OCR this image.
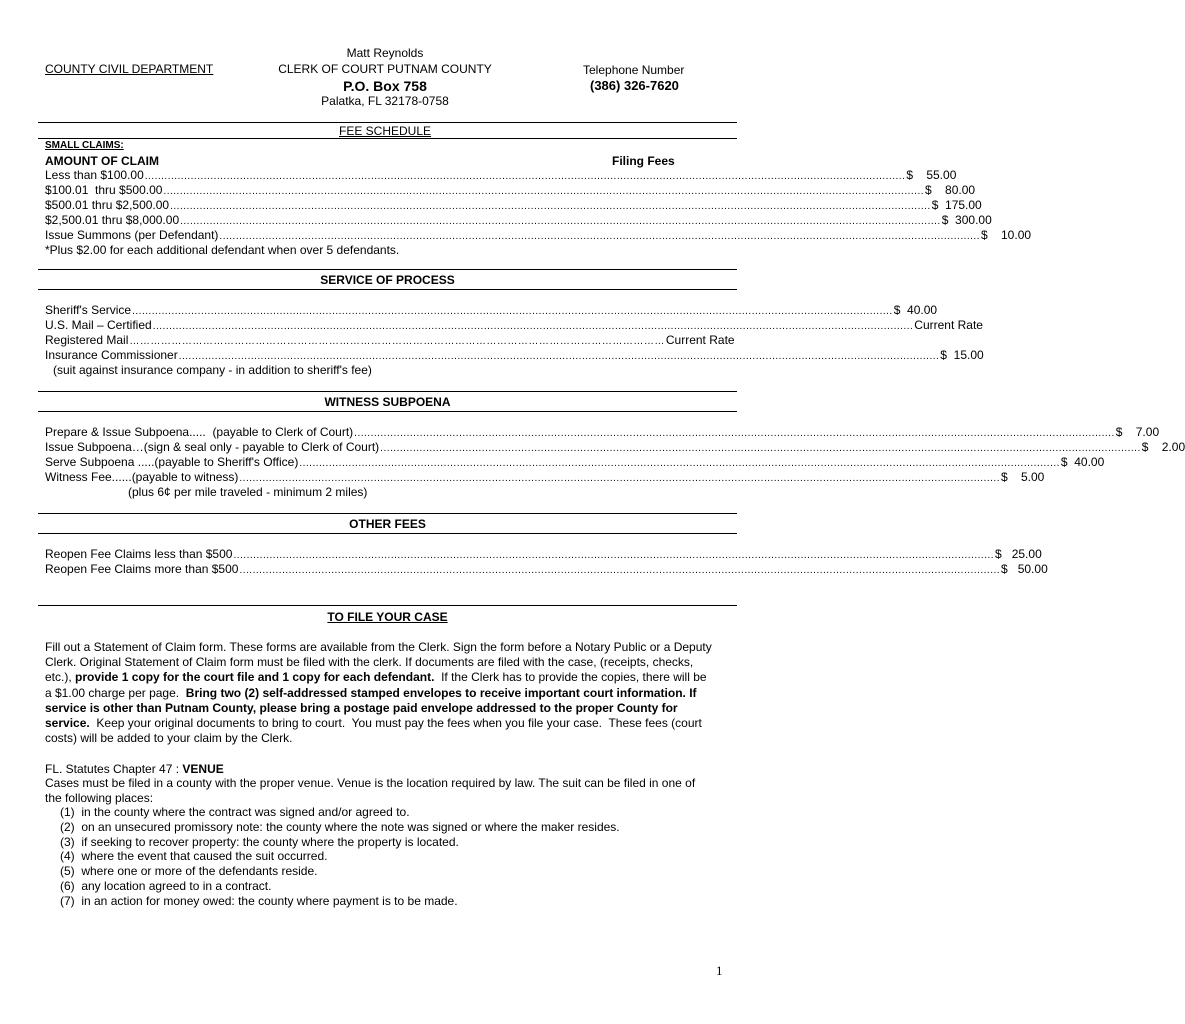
Matt Reynolds
COUNTY CIVIL DEPARTMENT	CLERK OF COURT PUTNAM COUNTY	Telephone Number
P.O. Box 758	(386) 326-7620
Palatka, FL 32178-0758
FEE SCHEDULE
SMALL CLAIMS:
AMOUNT OF CLAIM	Filing Fees
Less than $100.00 ........................................................................................................................................................................................................................................ $    55.00
$100.01  thru $500.00 ........................................................................................................................................................................................................................................ $    80.00
$500.01 thru $2,500.00 ........................................................................................................................................................................................................................................ $  175.00
$2,500.01 thru $8,000.00 ........................................................................................................................................................................................................................................ $  300.00
Issue Summons (per Defendant) ........................................................................................................................................................................................................................................ $    10.00
*Plus $2.00 for each additional defendant when over 5 defendants.
SERVICE OF PROCESS
Sheriff's Service ........................................................................................................................................................................................................................................ $  40.00
U.S. Mail – Certified ........................................................................................................................................................................................................................................ Current Rate
Registered Mail ……………………………………………………………………………………………………………………………………… Current Rate
Insurance Commissioner ........................................................................................................................................................................................................................................ $  15.00
(suit against insurance company - in addition to sheriff's fee)
WITNESS SUBPOENA
Prepare & Issue Subpoena.....  (payable to Clerk of Court) ........................................................................................................................................................................................................................................ $    7.00
Issue Subpoena…(sign & seal only - payable to Clerk of Court) ........................................................................................................................................................................................................................................ $    2.00
Serve Subpoena .....(payable to Sheriff's Office) ........................................................................................................................................................................................................................................ $  40.00
Witness Fee......(payable to witness) ........................................................................................................................................................................................................................................ $    5.00
(plus 6¢ per mile traveled - minimum 2 miles)
OTHER FEES
Reopen Fee Claims less than $500 ........................................................................................................................................................................................................................................ $   25.00
Reopen Fee Claims more than $500 ........................................................................................................................................................................................................................................ $   50.00
TO FILE YOUR CASE
Fill out a Statement of Claim form. These forms are available from the Clerk. Sign the form before a Notary Public or a Deputy Clerk. Original Statement of Claim form must be filed with the clerk. If documents are filed with the case, (receipts, checks, etc.), provide 1 copy for the court file and 1 copy for each defendant.  If the Clerk has to provide the copies, there will be a $1.00 charge per page.  Bring two (2) self-addressed stamped envelopes to receive important court information. If service is other than Putnam County, please bring a postage paid envelope addressed to the proper County for service.  Keep your original documents to bring to court.  You must pay the fees when you file your case.  These fees (court costs) will be added to your claim by the Clerk.
FL. Statutes Chapter 47 : VENUE
Cases must be filed in a county with the proper venue. Venue is the location required by law. The suit can be filed in one of the following places:
(1)  in the county where the contract was signed and/or agreed to.
(2)  on an unsecured promissory note: the county where the note was signed or where the maker resides.
(3)  if seeking to recover property: the county where the property is located.
(4)  where the event that caused the suit occurred.
(5)  where one or more of the defendants reside.
(6)  any location agreed to in a contract.
(7)  in an action for money owed: the county where payment is to be made.
1
